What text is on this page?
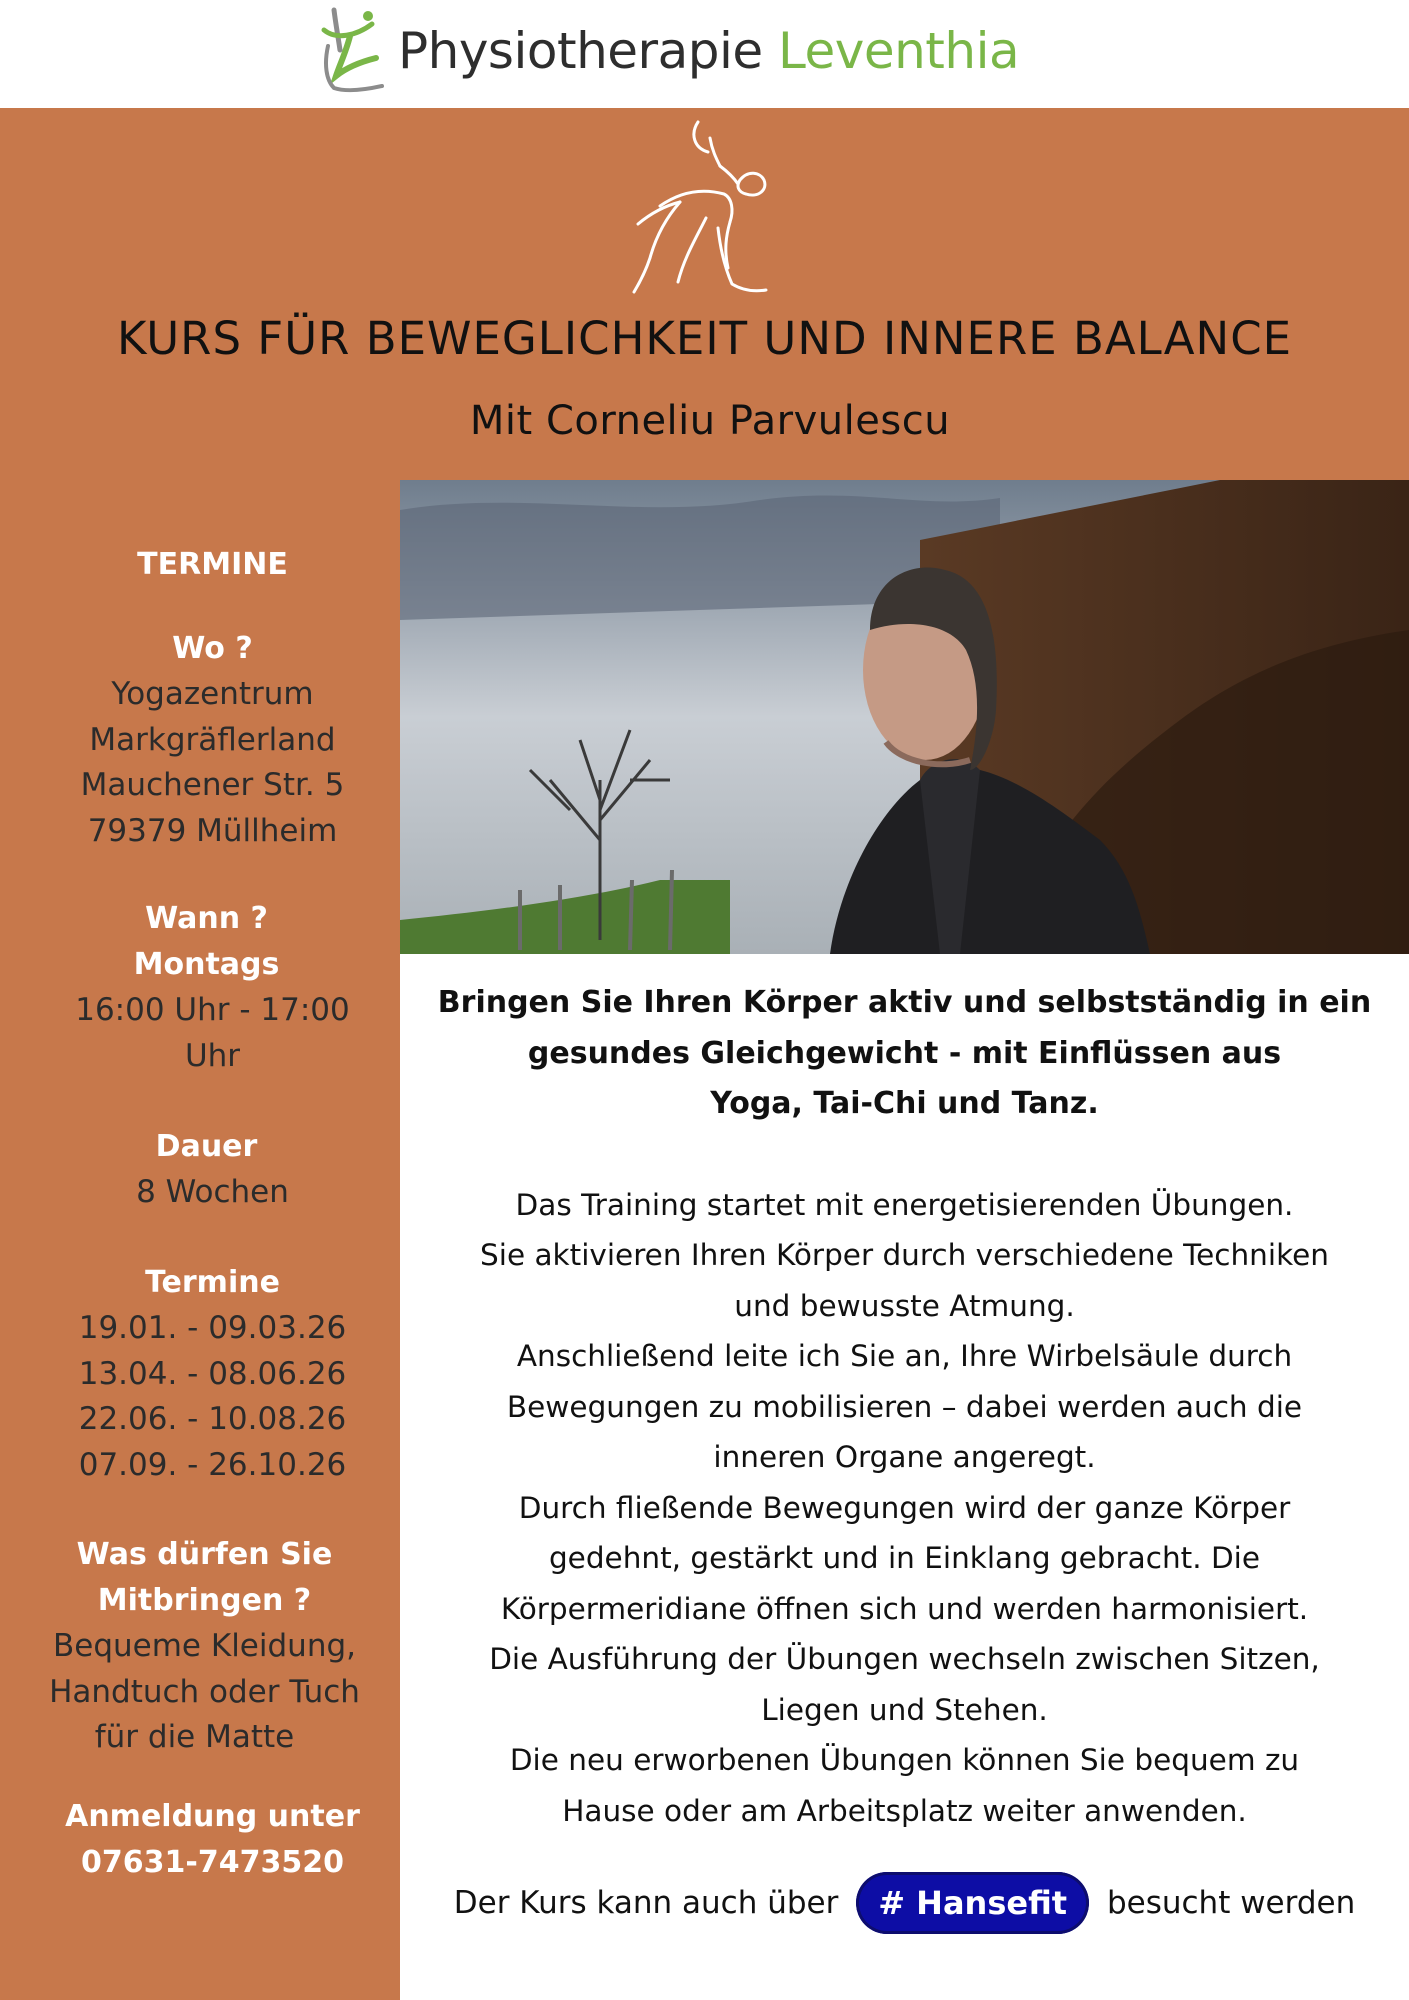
Physiotherapie Leventhia
KURS FÜR BEWEGLICHKEIT UND INNERE BALANCE
Mit Corneliu Parvulescu
TERMINE
Wo ?
Yogazentrum
Markgräflerland
Mauchener Str. 5
79379 Müllheim
Wann ?
Montags
16:00 Uhr - 17:00
Uhr
Dauer
8 Wochen
Termine
19.01. - 09.03.26
13.04. - 08.06.26
22.06. - 10.08.26
07.09. - 26.10.26
Was dürfen Sie
Mitbringen ?
Bequeme Kleidung,
Handtuch oder Tuch
für die Matte
Anmeldung unter
07631-7473520
Bringen Sie Ihren Körper aktiv und selbstständig in ein
gesundes Gleichgewicht - mit Einflüssen aus
Yoga, Tai-Chi und Tanz.
Das Training startet mit energetisierenden Übungen.
Sie aktivieren Ihren Körper durch verschiedene Techniken
und bewusste Atmung.
Anschließend leite ich Sie an, Ihre Wirbelsäule durch
Bewegungen zu mobilisieren – dabei werden auch die
inneren Organe angeregt.
Durch fließende Bewegungen wird der ganze Körper
gedehnt, gestärkt und in Einklang gebracht. Die
Körpermeridiane öffnen sich und werden harmonisiert.
Die Ausführung der Übungen wechseln zwischen Sitzen,
Liegen und Stehen.
Die neu erworbenen Übungen können Sie bequem zu
Hause oder am Arbeitsplatz weiter anwenden.
Der Kurs kann auch über # Hansefit besucht werden
